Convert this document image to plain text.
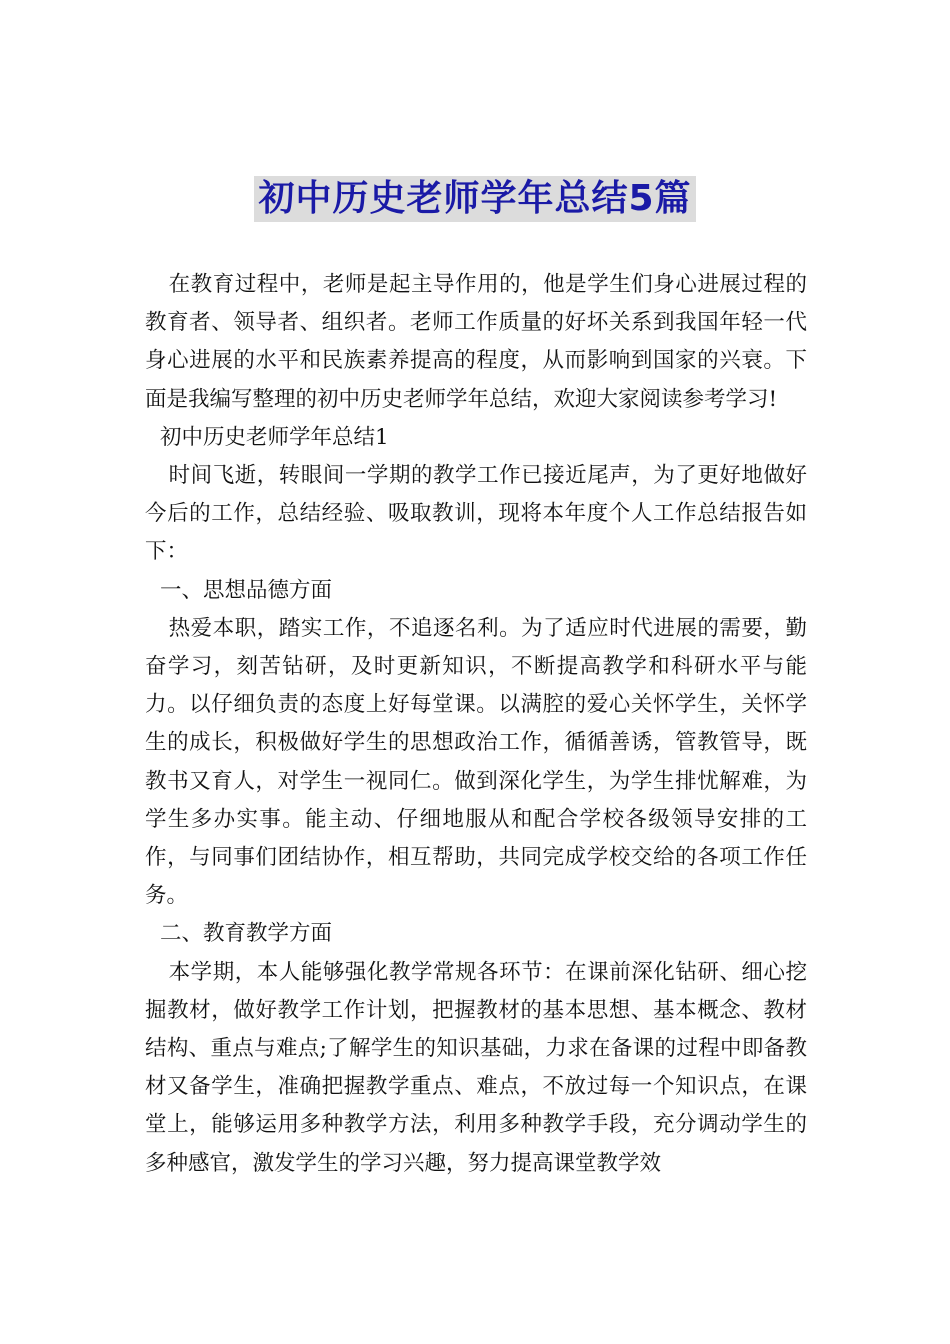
初中历史老师学年总结5篇

在教育过程中，老师是起主导作用的，他是学生们身心进展过程的教育者、领导者、组织者。老师工作质量的好坏关系到我国年轻一代身心进展的水平和民族素养提高的程度，从而影响到国家的兴衰。下面是我编写整理的初中历史老师学年总结，欢迎大家阅读参考学习!

初中历史老师学年总结1

时间飞逝，转眼间一学期的教学工作已接近尾声，为了更好地做好今后的工作，总结经验、吸取教训，现将本年度个人工作总结报告如下：

一、思想品德方面

热爱本职，踏实工作，不追逐名利。为了适应时代进展的需要，勤奋学习，刻苦钻研，及时更新知识，不断提高教学和科研水平与能力。以仔细负责的态度上好每堂课。以满腔的爱心关怀学生，关怀学生的成长，积极做好学生的思想政治工作，循循善诱，管教管导，既教书又育人，对学生一视同仁。做到深化学生，为学生排忧解难，为学生多办实事。能主动、仔细地服从和配合学校各级领导安排的工作，与同事们团结协作，相互帮助，共同完成学校交给的各项工作任务。

二、教育教学方面

本学期，本人能够强化教学常规各环节：在课前深化钻研、细心挖掘教材，做好教学工作计划，把握教材的基本思想、基本概念、教材结构、重点与难点;了解学生的知识基础，力求在备课的过程中即备教材又备学生，准确把握教学重点、难点，不放过每一个知识点，在课堂上，能够运用多种教学方法，利用多种教学手段，充分调动学生的多种感官，激发学生的学习兴趣，努力提高课堂教学效
